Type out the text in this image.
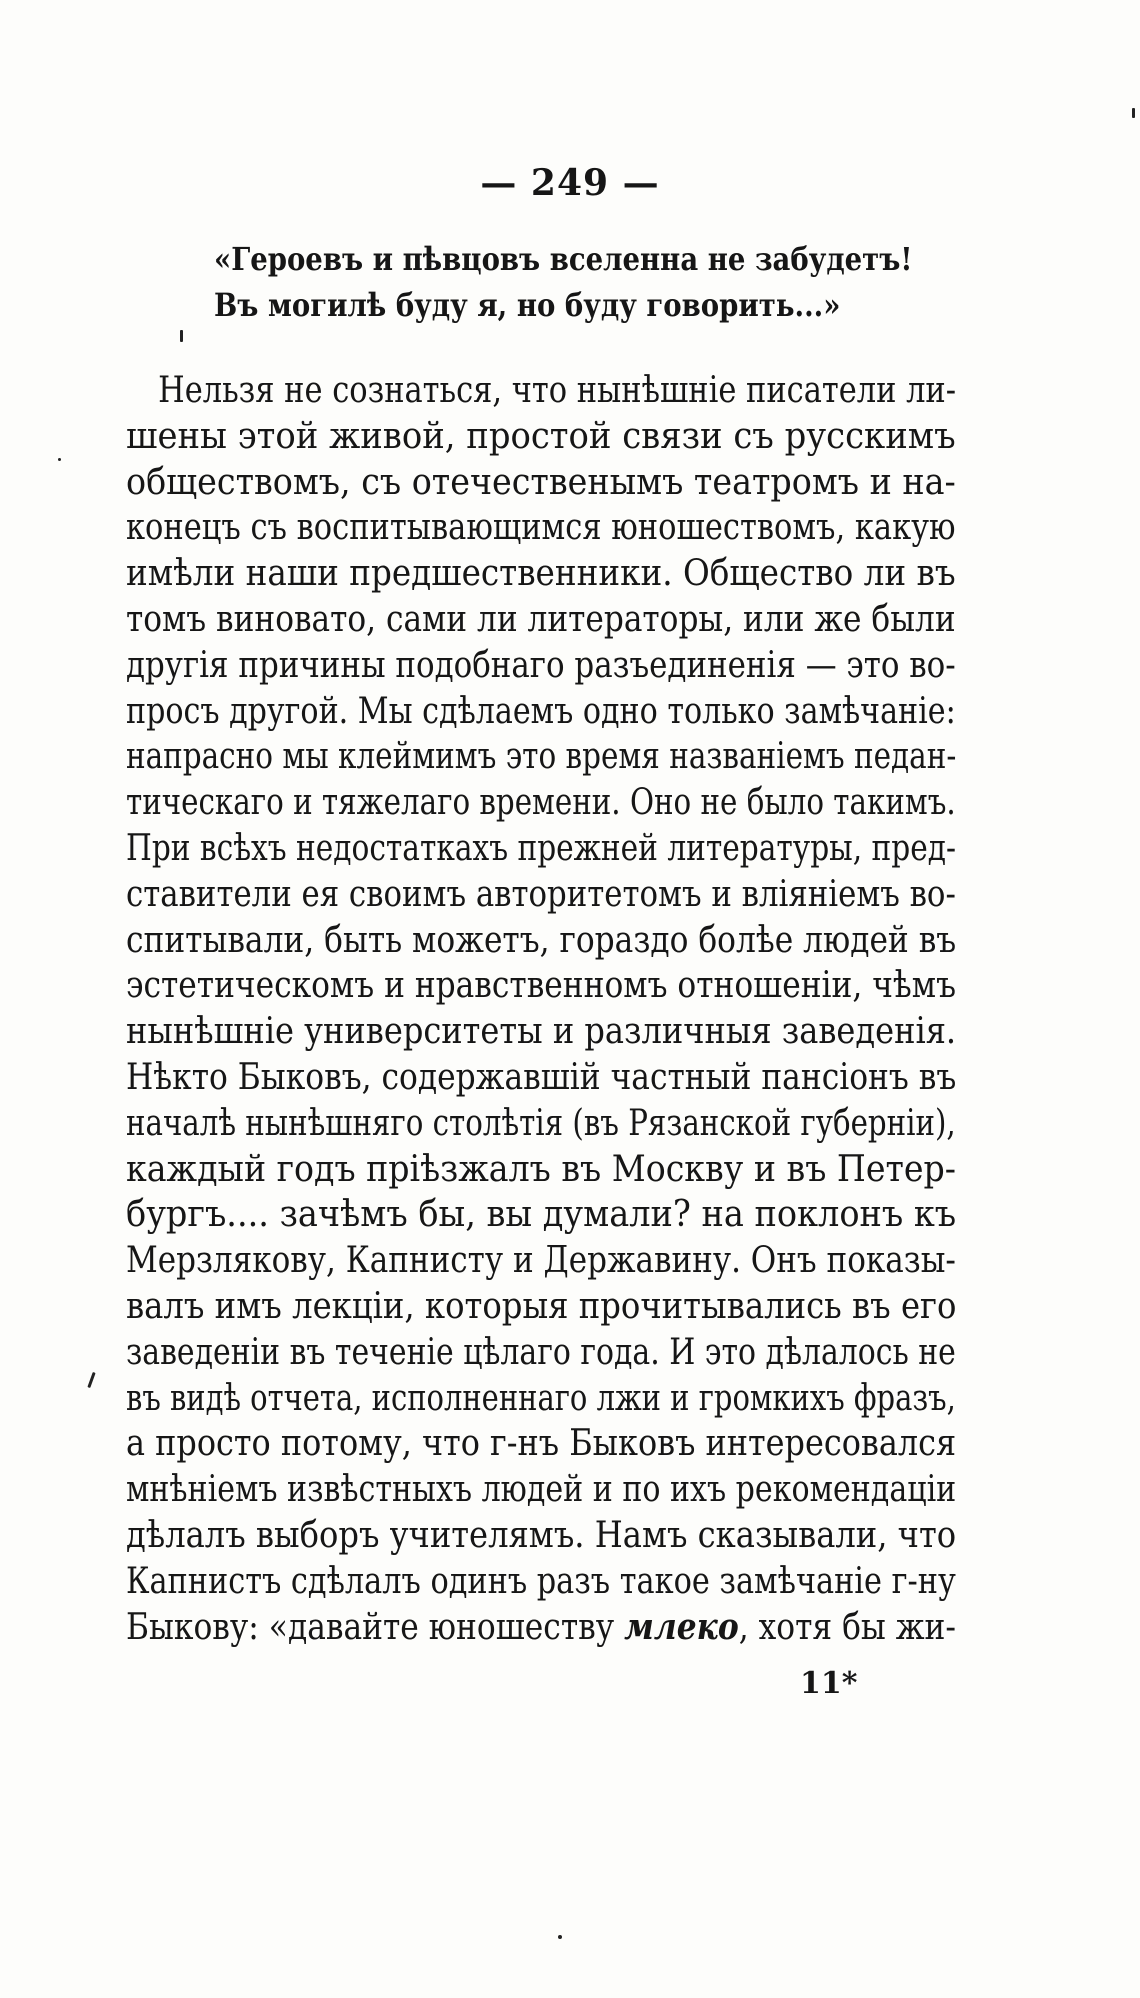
— 249 —
«Героевъ и пѣвцовъ вселенна не забудетъ!
Въ могилѣ буду я, но буду говорить...»
Нельзя не сознаться, что нынѣшніе писатели ли-
шены этой живой, простой связи съ русскимъ
обществомъ, съ отечественымъ театромъ и на-
конецъ съ воспитывающимся юношествомъ, какую
имѣли наши предшественники. Общество ли въ
томъ виновато, сами ли литераторы, или же были
другія причины подобнаго разъединенія — это во-
просъ другой. Мы сдѣлаемъ одно только замѣчаніе:
напрасно мы клеймимъ это время названіемъ педан-
тическаго и тяжелаго времени. Оно не было такимъ.
При всѣхъ недостаткахъ прежней литературы, пред-
ставители ея своимъ авторитетомъ и вліяніемъ во-
спитывали, быть можетъ, гораздо болѣе людей въ
эстетическомъ и нравственномъ отношеніи, чѣмъ
нынѣшніе университеты и различныя заведенія.
Нѣкто Быковъ, содержавшій частный пансіонъ въ
началѣ нынѣшняго столѣтія (въ Рязанской губерніи),
каждый годъ пріѣзжалъ въ Москву и въ Петер-
бургъ.... зачѣмъ бы, вы думали? на поклонъ къ
Мерзлякову, Капнисту и Державину. Онъ показы-
валъ имъ лекціи, которыя прочитывались въ его
заведеніи въ теченіе цѣлаго года. И это дѣлалось не
въ видѣ отчета, исполненнаго лжи и громкихъ фразъ,
а просто потому, что г-нъ Быковъ интересовался
мнѣніемъ извѣстныхъ людей и по ихъ рекомендаціи
дѣлалъ выборъ учителямъ. Намъ сказывали, что
Капнистъ сдѣлалъ одинъ разъ такое замѣчаніе г-ну
Быкову: «давайте юношеству млеко, хотя бы жи-
11*
